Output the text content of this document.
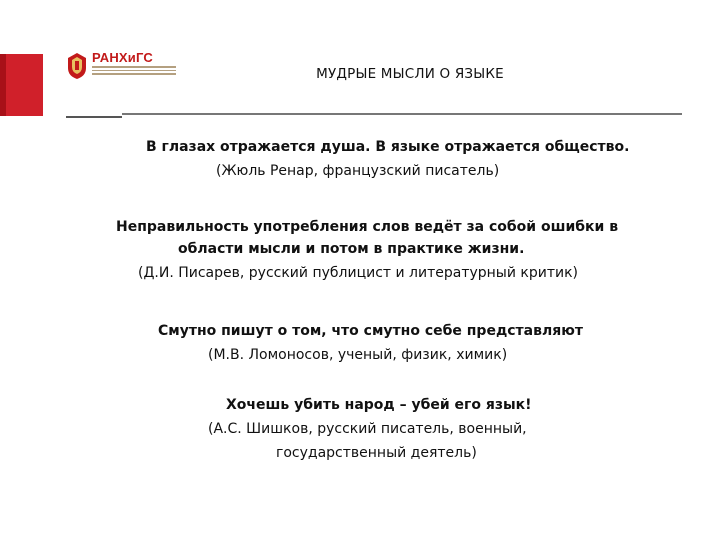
РАНХиГС
МУДРЫЕ МЫСЛИ О ЯЗЫКЕ
В глазах отражается душа. В языке отражается общество.
(Жюль Ренар, французский писатель)
Неправильность употребления слов ведёт за собой ошибки в
области мысли и потом в практике жизни.
(Д.И. Писарев, русский публицист и литературный критик)
Смутно пишут о том, что смутно себе представляют
(М.В. Ломоносов, ученый, физик, химик)
Хочешь убить народ – убей его язык!
(А.С. Шишков, русский писатель, военный,
государственный деятель)
